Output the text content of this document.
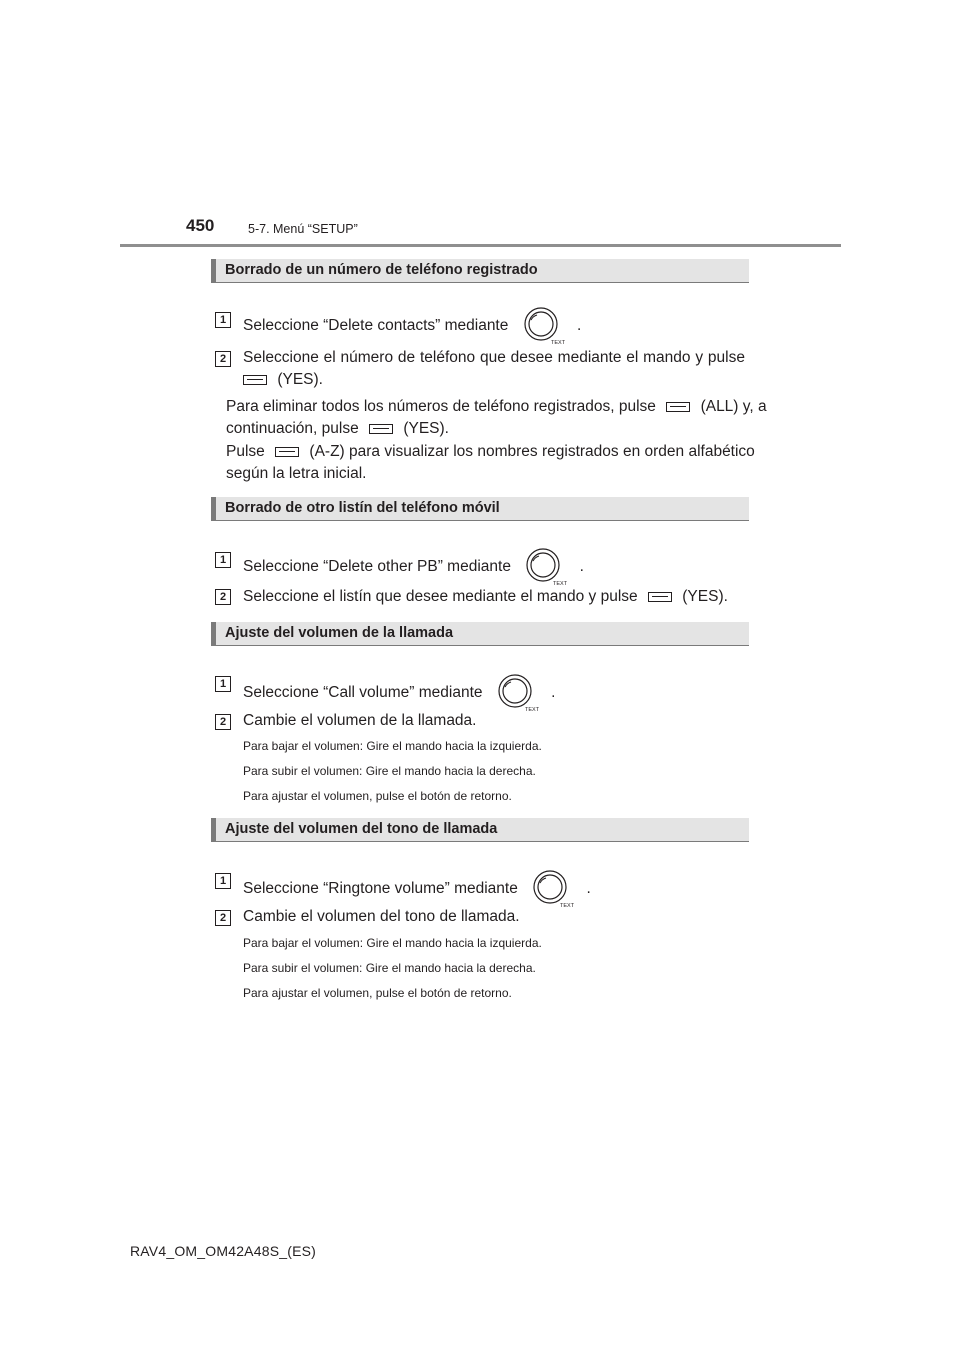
450	5-7. Menú “SETUP”
Borrado de un número de teléfono registrado
1	Seleccione “Delete contacts” mediante
TEXT
.
2	Seleccione el número de teléfono que desee mediante el mando y pulse
(YES).
Para eliminar todos los números de teléfono registrados, pulse	(ALL) y, a
continuación, pulse	(YES).
Pulse	(A-Z) para visualizar los nombres registrados en orden alfabético
según la letra inicial.
Borrado de otro listín del teléfono móvil
1	Seleccione “Delete other PB” mediante
TEXT
.
2	Seleccione el listín que desee mediante el mando y pulse	(YES).
Ajuste del volumen de la llamada
1
Seleccione “Call volume” mediante
TEXT
.
2	Cambie el volumen de la llamada.
Para bajar el volumen: Gire el mando hacia la izquierda.
Para subir el volumen: Gire el mando hacia la derecha.
Para ajustar el volumen, pulse el botón de retorno.
Ajuste del volumen del tono de llamada
1	Seleccione “Ringtone volume” mediante
TEXT
.
2	Cambie el volumen del tono de llamada.
Para bajar el volumen: Gire el mando hacia la izquierda.
Para subir el volumen: Gire el mando hacia la derecha.
Para ajustar el volumen, pulse el botón de retorno.
RAV4_OM_OM42A48S_(ES)
